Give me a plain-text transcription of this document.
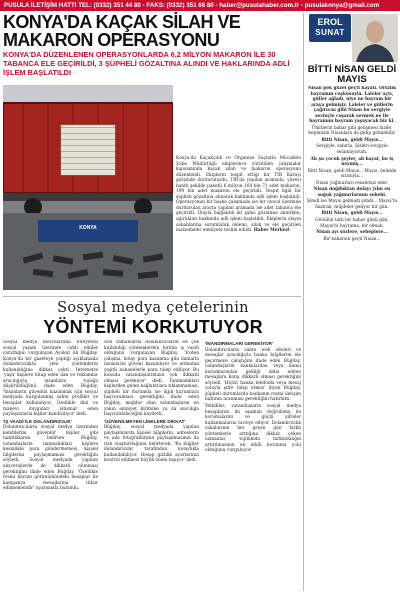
PUSULA İLETİŞİM HATTI TEL: (0332) 351 44 80 - FAKS: (0332) 351 66 80 - haber@pusulahaber.com.tr - pusulakonya@gmail.com
KONYA'DA KAÇAK SİLAH VE
MAKARON OPERASYONU
KONYA'DA DÜZENLENEN OPERASYONLARDA 6,2 MİLYON MAKARON İLE 30 TABANCA ELE GEÇİRİLDİ, 3 ŞÜPHELİ GÖZALTINA ALINDI VE HAKLARINDA ADLİ İŞLEM BAŞLATILDI
KONYA
Konya'da Kaçakçılık ve Organize Suçlarla Mücadele Şube Müdürlüğü ekiplerince yürütülen çalışmalar kapsamında kaçak silah ve makaron operasyonu düzenlendi. Ekiplerin tespit ettiği bir TIR Karayı girişinde durdurulurdu. TIR'da yapılan aramada, yüzeyi bantlı şekilde paketli 6 milyon 160 bin 71 adet makaron, 190 bin adet makaron ele geçirildi. Tespit ilgili bir şüpheli gözaltına alınarak hakkında adli işlem başlatıldı. Operasyonun bir başka çalışmada ise bir otoyol üzerinde durdurulan araçta yapılan aramada ise adet tabanca ele geçirildi. Olayla bağlantılı iki şahıs gözaltına alınırken, ağırlıkları hakkında adli işlem başlatıldı. Ekiplerin olayın sabahlarına sorumluluk önlemi, silah ve ele geçirilen malzemeler emniyete teslim edildi. Haber Merkezi
Sosyal medya çetelerinin
YÖNTEMİ KORKUTUYOR

Sosyal medya mecralarının bireylerin sosyal yaşam üzerinde ciddi etkiler yarattığını vurgulayan Avukat Ali Büğday, Konya'da bir gazeteye yaptığı açıklamada dolandırıcılıkta yeni yöntemlerin kullanıldığına dikkat çekti. İnternette 'yaşlı' kişilere hitap eden ilan ve reklamlar aracılığıyla insanların tuzağa düşürüldüğünü ifade eden Büğday, 'İnsanların güvenini kazanmak için sosyal medyada kurgulanmış sahte profiller ve hesaplar kullanılıyor. Özellikle dini ve manevi duyguları istismar eden paylaşımlarla kişiler kandırılıyor' dedi.

'İŞ VAADİ İLE DOLANDIRICILIK'

Dolandırıcıların sosyal medya üzerinden kendilerini güvenilir kişiler gibi tanıttıklarını belirten Büğday, vatandaşların tanımadıkları kişilere kesinlikle para göndermemesi, kişisel bilgilerini paylaşmaması gerektiğini söyledi. Sosyal medyada yapılan alışverişlerde de dikkatli olunması gerektiğini ifade eden Büğday, 'Özellikle resmi kurum görünümündeki hesaplar ile kampanya mesajlarına itibar edilmemelidir' uyarısında bulundu.

Son zamanlarda dolandırıcıların en çok kullandığı yöntemlerden birinin iş vaadi olduğunu vurgulayan Büğday, 'Evden çalışma, kolay para kazanma gibi ilanlarla insanların güveni kazanılıyor ve ardından çeşitli bahanelerle para talep ediliyor. Bu konuda vatandaşlarımızın çok dikkatli olması gerekiyor' dedi. Tanımadıkları kişilerden gelen bağlantılara tıklanmaması, şüpheli bir durumda ise ilgili kurumlara başvurulması gerektiğini ifade eden Büğday, mağdur olan vatandaşların en yakın emniyet birimine ya da savcılığa başvurabileceğini kaydetti.

'GÜVENİLMEYEN LİNKLERE DİKKAT'

Büğday, sosyal medyada yapılan paylaşımlarda kişisel bilgilerin, adreslerin ve aile fotoğraflarının paylaşılmasının da risk oluşturduğunu belirterek, 'Bu bilgiler dolandırıcılar tarafından kolaylıkla kullanılabiliyor. Hesap gizlilik ayarlarının kontrol edilmesi büyük önem taşıyor' dedi.

'İNANDIRMALARI GEREKİYOR'

Dolandırıcıların sahte web siteleri ve mesajlar aracılığıyla banka bilgilerini ele geçirmeye çalıştığını ifade eden Büğday, vatandaşların bankalardan veya kamu kurumlarından geldiği iddia edilen mesajlara karşı dikkatli olması gerektiğini söyledi. 'Hiçbir banka telefonla veya mesaj yoluyla şifre talep etmez' diyen Büğday, şüpheli durumlarda bankanın resmi iletişim hattının aranması gerektiğini hatırlattı.

Yetkililer, vatandaşların sosyal medya hesaplarını iki aşamalı doğrulama ile korumalarını ve güçlü şifreler kullanmalarını tavsiye ediyor. Dolandırıcılık vakalarının her geçen gün farklı yöntemlerle arttığına dikkat çeken uzmanlar, toplumda farkındalığın artırılmasının en etkili korunma yolu olduğunu vurguluyor.

EROL
SUNAT
BİTTİ NİSAN GELDİ MAYIS

Nisan pek güzel geçti hayatı. Ortalık bayramın coşkusuyla. Laleler açtı, güller ağladı, niye ne bayram bir araya gelmişiz. Laleler ve güllerin çağırıcısı gibi Nisan bu sevgiyle sevinçle coşarak sevmek ne ile bayramını bayram yaşayacak biz ki.

Ümitlerin bahar gibi gelişmesi bizde, hepimizin Nisanlara da gidip gelinebilir.

Bitti Nisan, geldi Mayıs...

Sevgiyle, sabırla, Sizleri sevgiyle selamlıyorum.

Ah şu çocuk şeyler, ah hayat, bu iş neymiş...

Bitti Nisan, geldi Mayıs... Mayıs, önünde sırasıyla...

Nisan yağmurları rezaletsiz eder.

Nisan doğduktan dolayı yılın en soğuk yağmurlarının sebebi.

Şimdi ise Mayıs gelmişti şimdi... Mayıs'ta haziran, müjdeler geliyor bir gün.

Bitti Nisan, geldi Mayıs...

Gönülün tatlı bir bahar günü gibi, Mayıs'ta bayrama, bir olmalı.

Nisan ayı sözlere, sebeplere...

Bir bakarsın geçti Nisan...
